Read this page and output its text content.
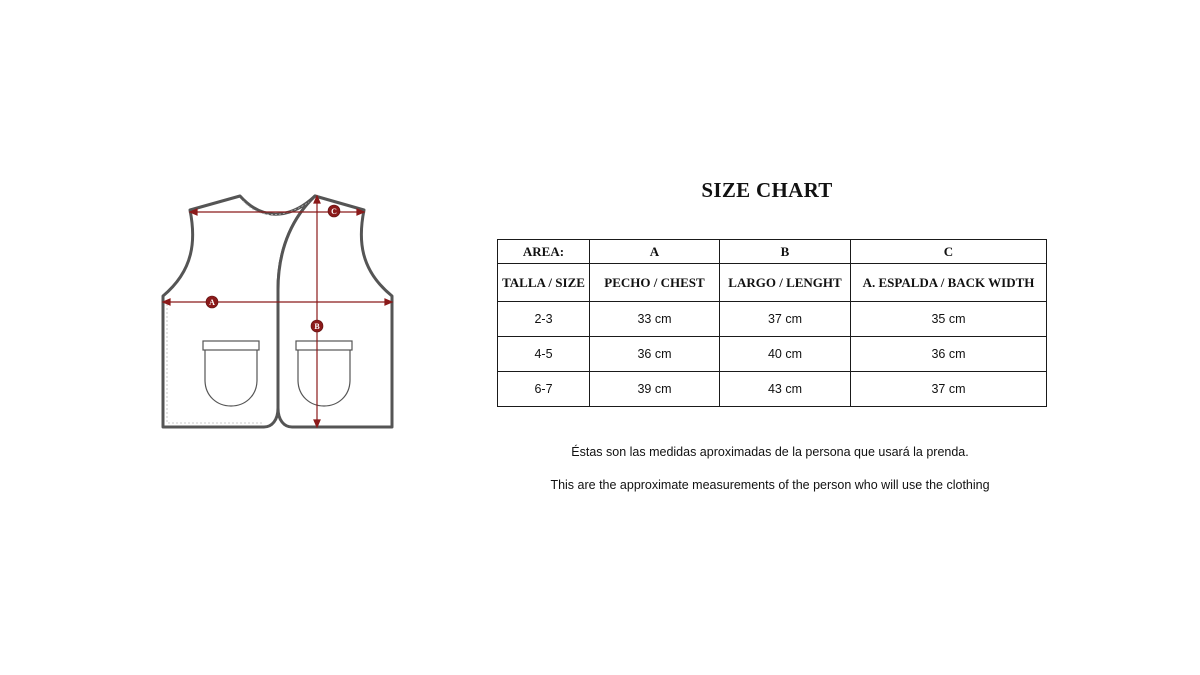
A
B
C
SIZE CHART
AREA:	A	B	C
TALLA / SIZE	PECHO / CHEST	LARGO / LENGHT	A. ESPALDA / BACK WIDTH
2-3	33 cm	37 cm	35 cm
4-5	36 cm	40 cm	36 cm
6-7	39 cm	43 cm	37 cm
Éstas son las medidas aproximadas de la persona que usará la prenda.
This are the approximate measurements of the person who will use the clothing
